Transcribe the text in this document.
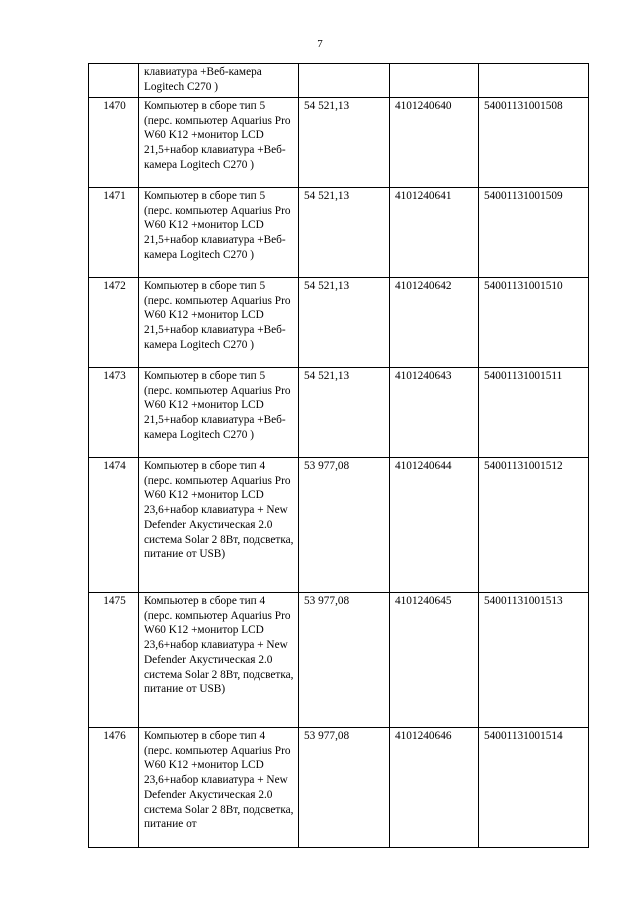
7
	клавиатура +Веб-камера Logitech C270 )			
1470	Компьютер в сборе тип 5 (перс. компьютер Aquarius Pro W60 K12 +монитор LCD 21,5+набор клавиатура +Веб-камера Logitech C270 )	54 521,13	4101240640	54001131001508
1471	Компьютер в сборе тип 5 (перс. компьютер Aquarius Pro W60 K12 +монитор LCD 21,5+набор клавиатура +Веб-камера Logitech C270 )	54 521,13	4101240641	54001131001509
1472	Компьютер в сборе тип 5 (перс. компьютер Aquarius Pro W60 K12 +монитор LCD 21,5+набор клавиатура +Веб-камера Logitech C270 )	54 521,13	4101240642	54001131001510
1473	Компьютер в сборе тип 5 (перс. компьютер Aquarius Pro W60 K12 +монитор LCD 21,5+набор клавиатура +Веб-камера Logitech C270 )	54 521,13	4101240643	54001131001511
1474	Компьютер в сборе тип 4 (перс. компьютер Aquarius Pro W60 K12 +монитор LCD 23,6+набор клавиатура + New Defender Акустическая 2.0 система Solar 2 8Вт, подсветка, питание от USB)	53 977,08	4101240644	54001131001512
1475	Компьютер в сборе тип 4 (перс. компьютер Aquarius Pro W60 K12 +монитор LCD 23,6+набор клавиатура + New Defender Акустическая 2.0 система Solar 2 8Вт, подсветка, питание от USB)	53 977,08	4101240645	54001131001513
1476	Компьютер в сборе тип 4 (перс. компьютер Aquarius Pro W60 K12 +монитор LCD 23,6+набор клавиатура + New Defender Акустическая 2.0 система Solar 2 8Вт, подсветка, питание от	53 977,08	4101240646	54001131001514
